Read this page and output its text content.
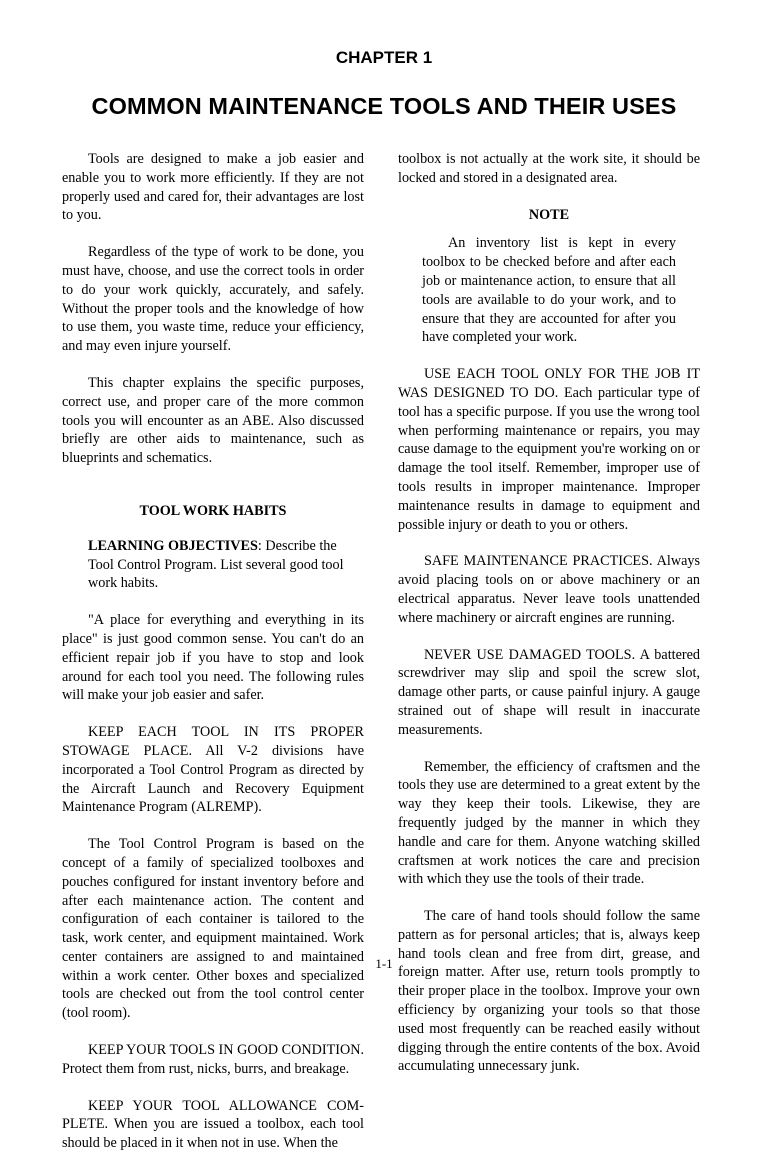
CHAPTER 1
COMMON MAINTENANCE TOOLS AND THEIR USES

Tools are designed to make a job easier and enable you to work more efficiently. If they are not properly used and cared for, their advantages are lost to you.

Regardless of the type of work to be done, you must have, choose, and use the correct tools in order to do your work quickly, accurately, and safely. Without the proper tools and the knowledge of how to use them, you waste time, reduce your efficiency, and may even injure yourself.

This chapter explains the specific purposes, correct use, and proper care of the more common tools you will encounter as an ABE. Also discussed briefly are other aids to maintenance, such as blueprints and schematics.

TOOL WORK HABITS
LEARNING OBJECTIVES: Describe the Tool Control Program. List several good tool work habits.

"A place for everything and everything in its place" is just good common sense. You can't do an efficient repair job if you have to stop and look around for each tool you need. The following rules will make your job easier and safer.

KEEP EACH TOOL IN ITS PROPER STOWAGE PLACE. All V-2 divisions have incorporated a Tool Control Program as directed by the Aircraft Launch and Recovery Equipment Maintenance Program (ALREMP).

The Tool Control Program is based on the concept of a family of specialized toolboxes and pouches configured for instant inventory before and after each maintenance action. The content and configuration of each container is tailored to the task, work center, and equipment maintained. Work center containers are assigned to and maintained within a work center. Other boxes and specialized tools are checked out from the tool control center (tool room).

KEEP YOUR TOOLS IN GOOD CONDITION. Protect them from rust, nicks, burrs, and breakage.

KEEP YOUR TOOL ALLOWANCE COM-PLETE. When you are issued a toolbox, each tool should be placed in it when not in use. When the

toolbox is not actually at the work site, it should be locked and stored in a designated area.

NOTE
An inventory list is kept in every toolbox to be checked before and after each job or maintenance action, to ensure that all tools are available to do your work, and to ensure that they are accounted for after you have completed your work.

USE EACH TOOL ONLY FOR THE JOB IT WAS DESIGNED TO DO. Each particular type of tool has a specific purpose. If you use the wrong tool when performing maintenance or repairs, you may cause damage to the equipment you're working on or damage the tool itself. Remember, improper use of tools results in improper maintenance. Improper maintenance results in damage to equipment and possible injury or death to you or others.

SAFE MAINTENANCE PRACTICES. Always avoid placing tools on or above machinery or an electrical apparatus. Never leave tools unattended where machinery or aircraft engines are running.

NEVER USE DAMAGED TOOLS. A battered screwdriver may slip and spoil the screw slot, damage other parts, or cause painful injury. A gauge strained out of shape will result in inaccurate measurements.

Remember, the efficiency of craftsmen and the tools they use are determined to a great extent by the way they keep their tools. Likewise, they are frequently judged by the manner in which they handle and care for them. Anyone watching skilled craftsmen at work notices the care and precision with which they use the tools of their trade.

The care of hand tools should follow the same pattern as for personal articles; that is, always keep hand tools clean and free from dirt, grease, and foreign matter. After use, return tools promptly to their proper place in the toolbox. Improve your own efficiency by organizing your tools so that those used most frequently can be reached easily without digging through the entire contents of the box. Avoid accumulating unnecessary junk.

1-1
